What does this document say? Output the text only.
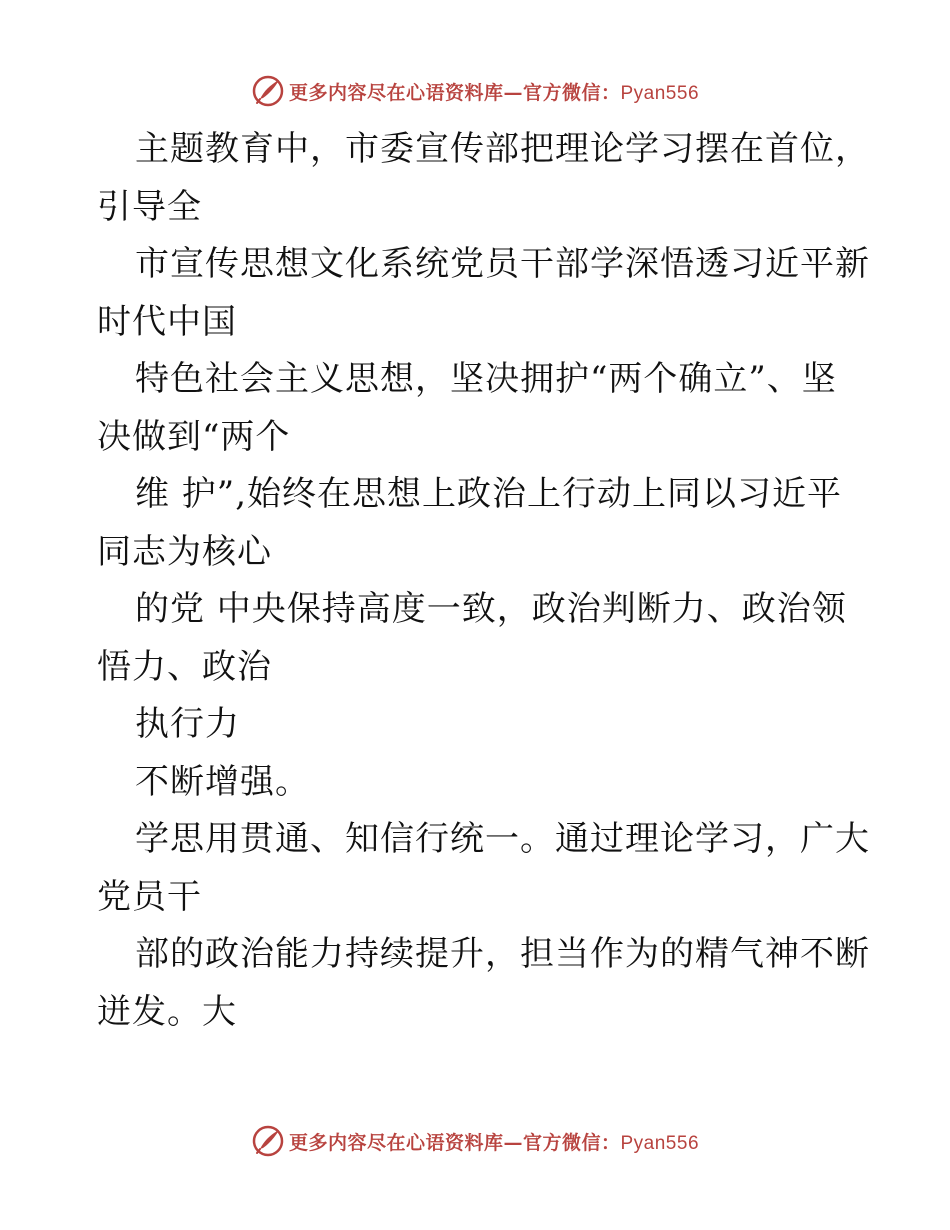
更多内容尽在心语资料库—官方微信：Pyan556
主题教育中，市委宣传部把理论学习摆在首位，
引导全
市宣传思想文化系统党员干部学深悟透习近平新
时代中国
特色社会主义思想，坚决拥护“两个确立”、坚
决做到“两个
维 护”,始终在思想上政治上行动上同以习近平
同志为核心
的党 中央保持高度一致，政治判断力、政治领
悟力、政治
执行力
不断增强。
学思用贯通、知信行统一。通过理论学习，广大
党员干
部的政治能力持续提升，担当作为的精气神不断
迸发。大
更多内容尽在心语资料库—官方微信：Pyan556
